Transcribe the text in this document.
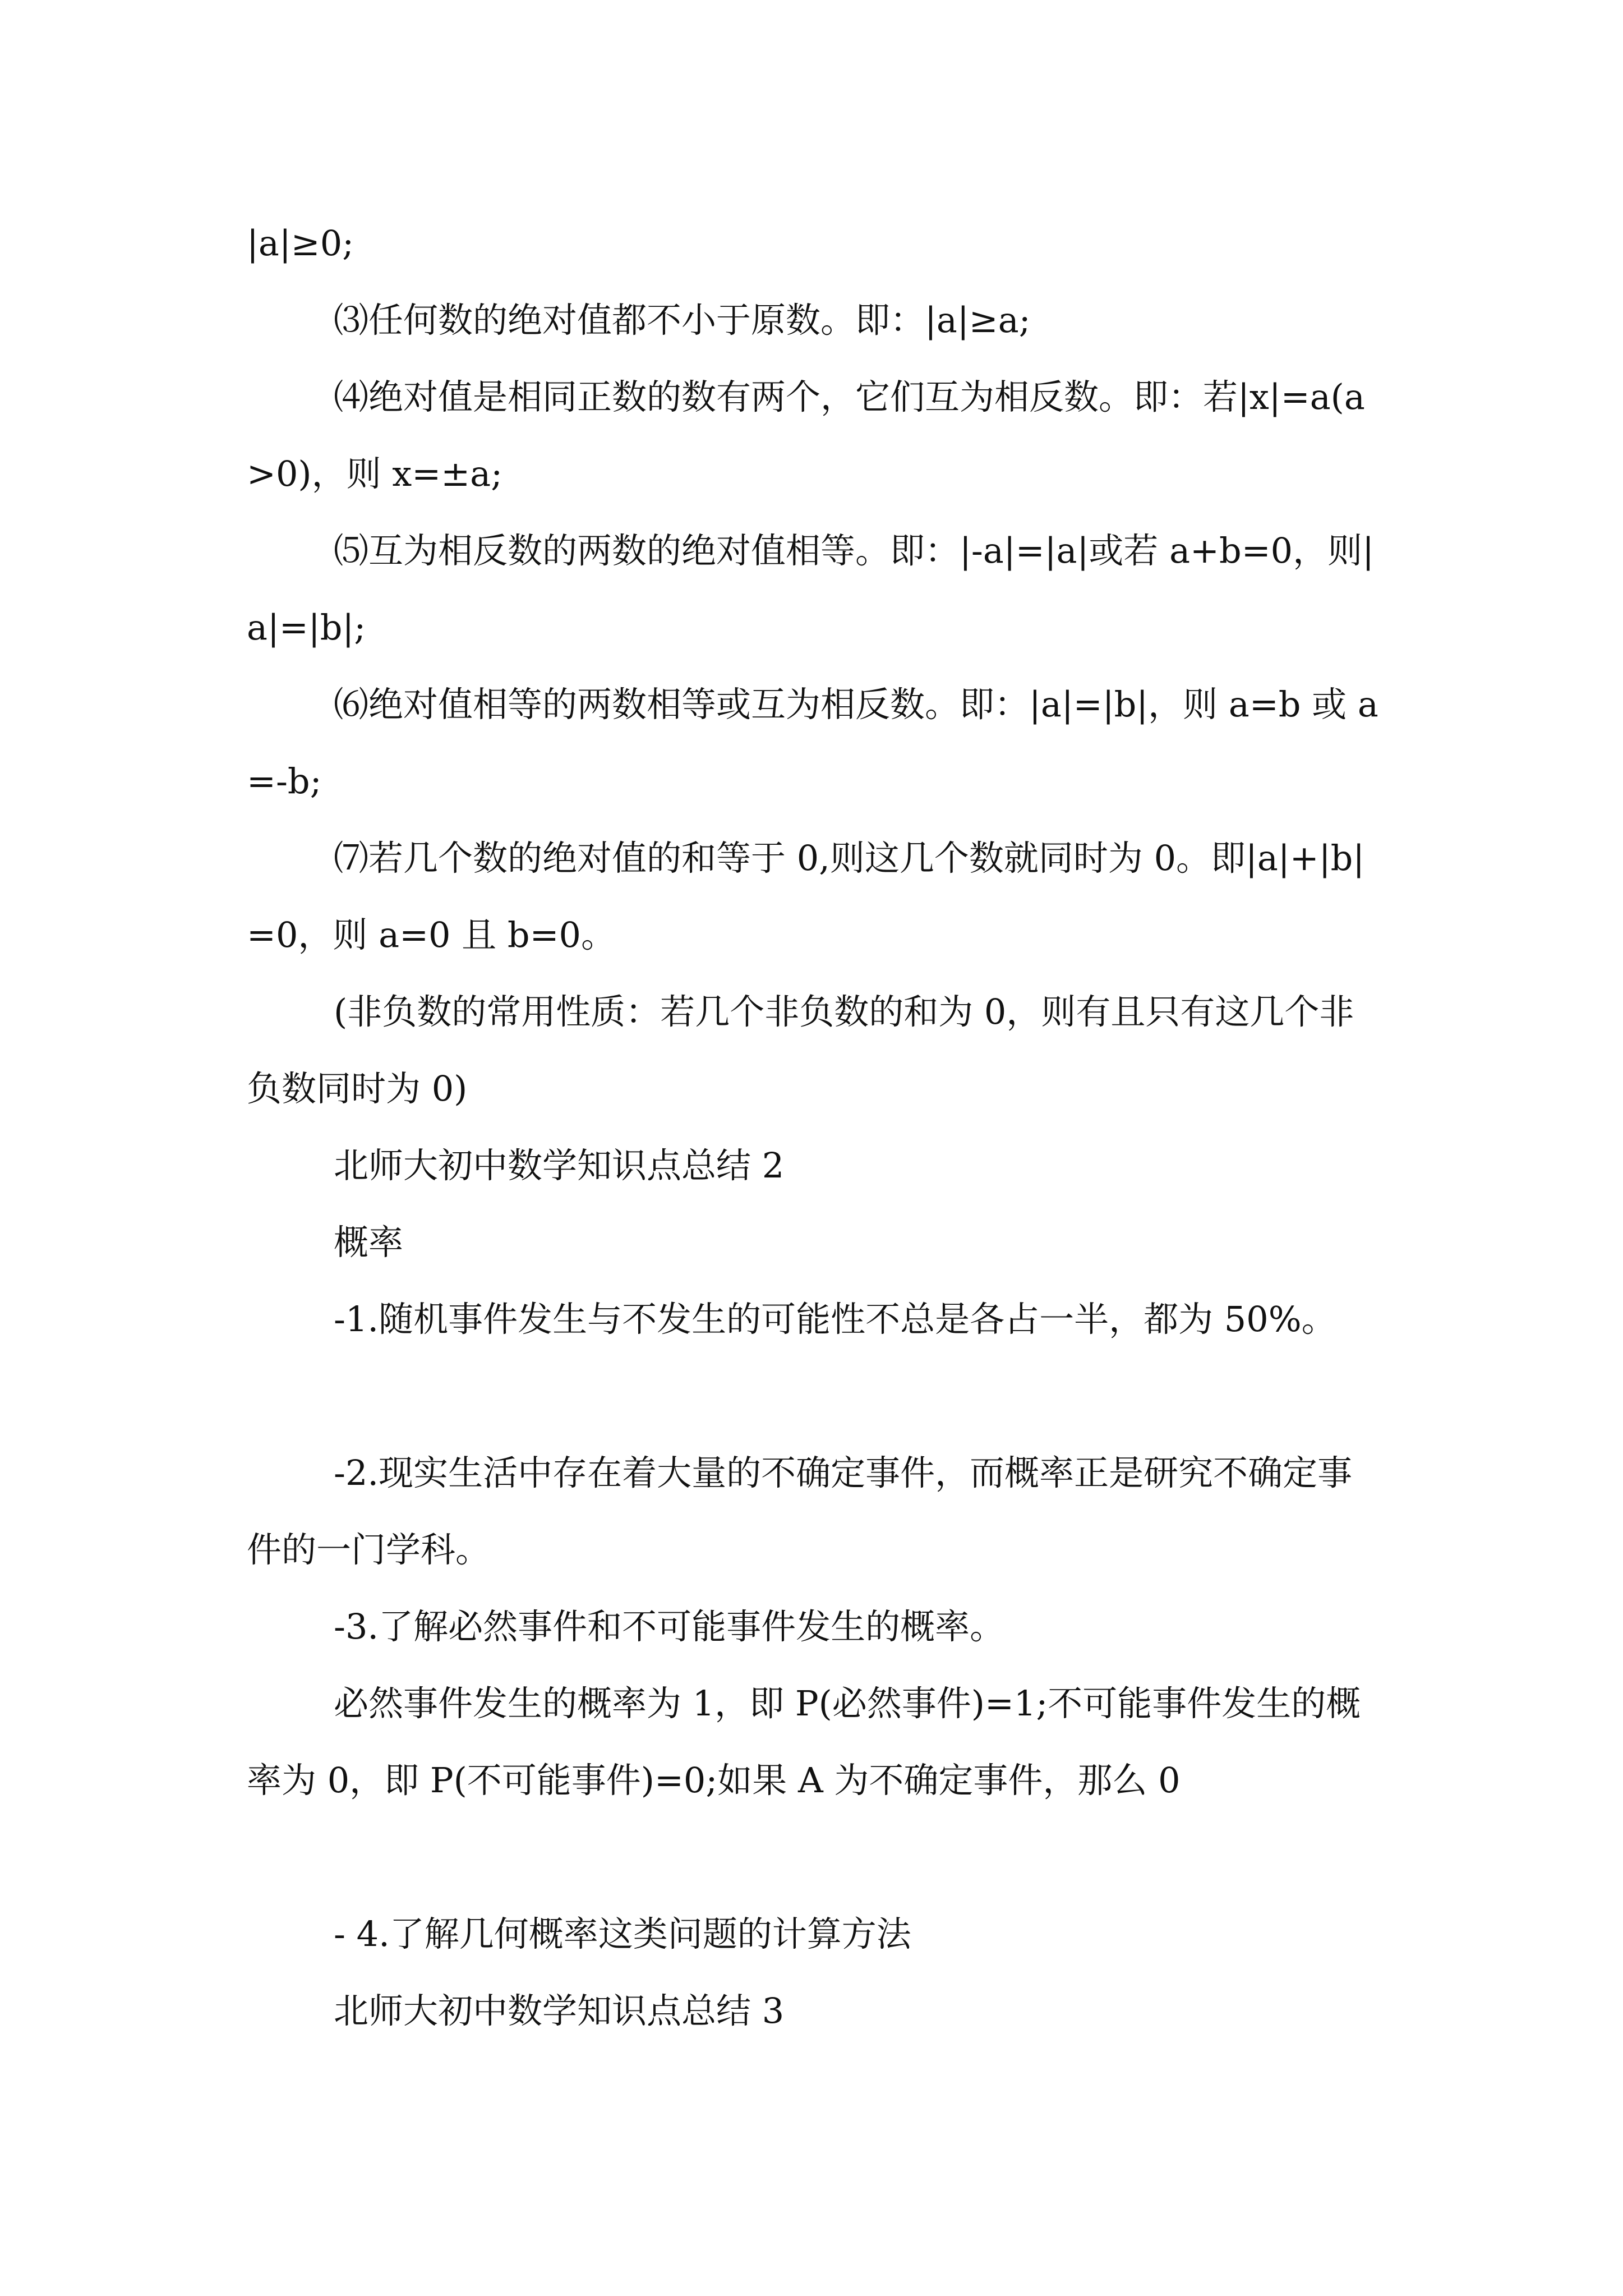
|a|≥0;

⑶任何数的绝对值都不小于原数。即：|a|≥a;

⑷绝对值是相同正数的数有两个，它们互为相反数。即：若|x|=a(a>0)，则 x=±a;

⑸互为相反数的两数的绝对值相等。即：|-a|=|a|或若 a+b=0，则|a|=|b|;

⑹绝对值相等的两数相等或互为相反数。即：|a|=|b|，则 a=b 或 a=-b;

⑺若几个数的绝对值的和等于 0,则这几个数就同时为 0。即|a|+|b|=0，则 a=0 且 b=0。

(非负数的常用性质：若几个非负数的和为 0，则有且只有这几个非负数同时为 0)

北师大初中数学知识点总结 2

概率

-1.随机事件发生与不发生的可能性不总是各占一半，都为 50%。

-2.现实生活中存在着大量的不确定事件，而概率正是研究不确定事件的一门学科。

-3.了解必然事件和不可能事件发生的概率。

必然事件发生的概率为 1，即 P(必然事件)=1;不可能事件发生的概率为 0，即 P(不可能事件)=0;如果 A 为不确定事件，那么 0

- 4.了解几何概率这类问题的计算方法

北师大初中数学知识点总结 3
